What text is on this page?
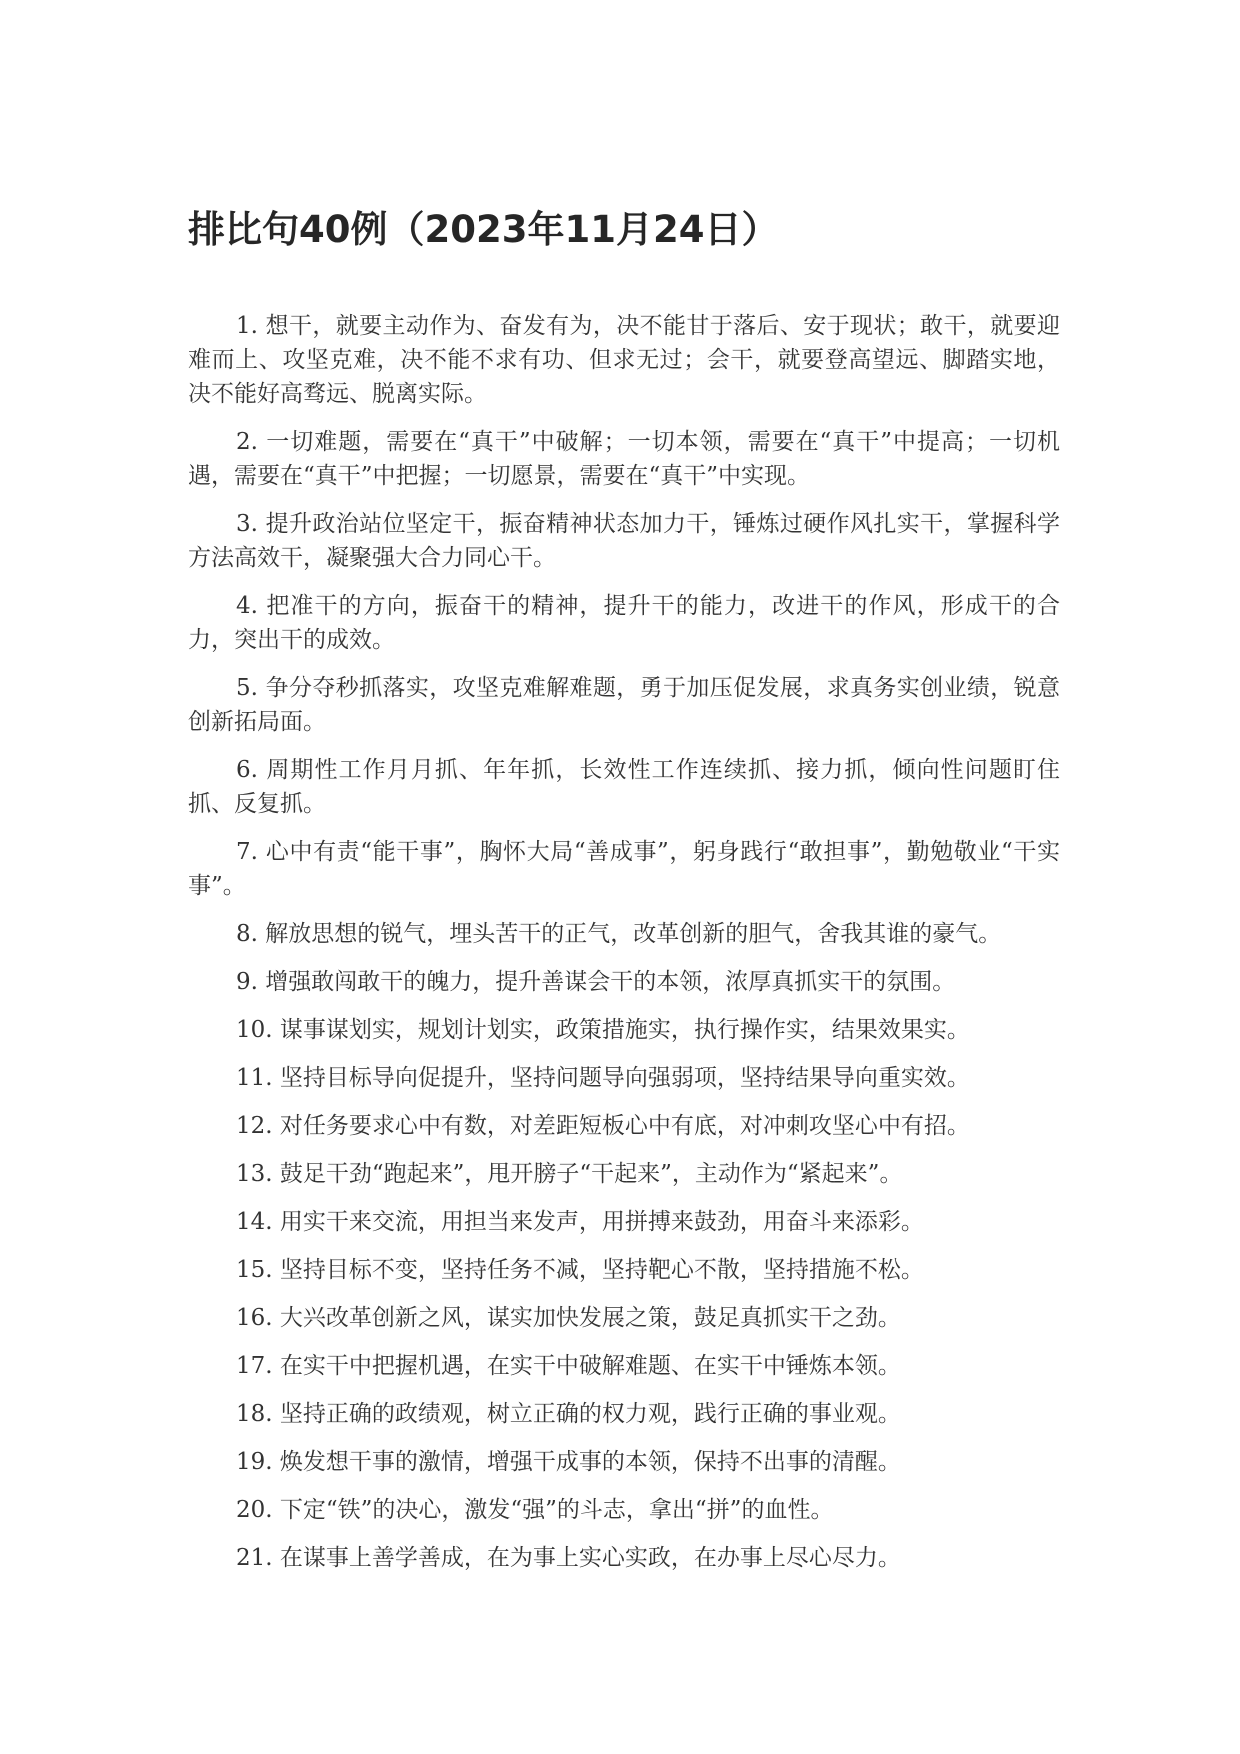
排比句40例（2023年11月24日）

1. 想干，就要主动作为、奋发有为，决不能甘于落后、安于现状；敢干，就要迎难而上、攻坚克难，决不能不求有功、但求无过；会干，就要登高望远、脚踏实地，决不能好高骛远、脱离实际。

2. 一切难题，需要在“真干”中破解；一切本领，需要在“真干”中提高；一切机遇，需要在“真干”中把握；一切愿景，需要在“真干”中实现。

3. 提升政治站位坚定干，振奋精神状态加力干，锤炼过硬作风扎实干，掌握科学方法高效干，凝聚强大合力同心干。

4. 把准干的方向，振奋干的精神，提升干的能力，改进干的作风，形成干的合力，突出干的成效。

5. 争分夺秒抓落实，攻坚克难解难题，勇于加压促发展，求真务实创业绩，锐意创新拓局面。

6. 周期性工作月月抓、年年抓，长效性工作连续抓、接力抓，倾向性问题盯住抓、反复抓。

7. 心中有责“能干事”，胸怀大局“善成事”，躬身践行“敢担事”，勤勉敬业“干实事”。

8. 解放思想的锐气，埋头苦干的正气，改革创新的胆气，舍我其谁的豪气。

9. 增强敢闯敢干的魄力，提升善谋会干的本领，浓厚真抓实干的氛围。

10. 谋事谋划实，规划计划实，政策措施实，执行操作实，结果效果实。

11. 坚持目标导向促提升，坚持问题导向强弱项，坚持结果导向重实效。

12. 对任务要求心中有数，对差距短板心中有底，对冲刺攻坚心中有招。

13. 鼓足干劲“跑起来”，甩开膀子“干起来”，主动作为“紧起来”。

14. 用实干来交流，用担当来发声，用拼搏来鼓劲，用奋斗来添彩。

15. 坚持目标不变，坚持任务不减，坚持靶心不散，坚持措施不松。

16. 大兴改革创新之风，谋实加快发展之策，鼓足真抓实干之劲。

17. 在实干中把握机遇，在实干中破解难题、在实干中锤炼本领。

18. 坚持正确的政绩观，树立正确的权力观，践行正确的事业观。

19. 焕发想干事的激情，增强干成事的本领，保持不出事的清醒。

20. 下定“铁”的决心，激发“强”的斗志，拿出“拼”的血性。

21. 在谋事上善学善成，在为事上实心实政，在办事上尽心尽力。
